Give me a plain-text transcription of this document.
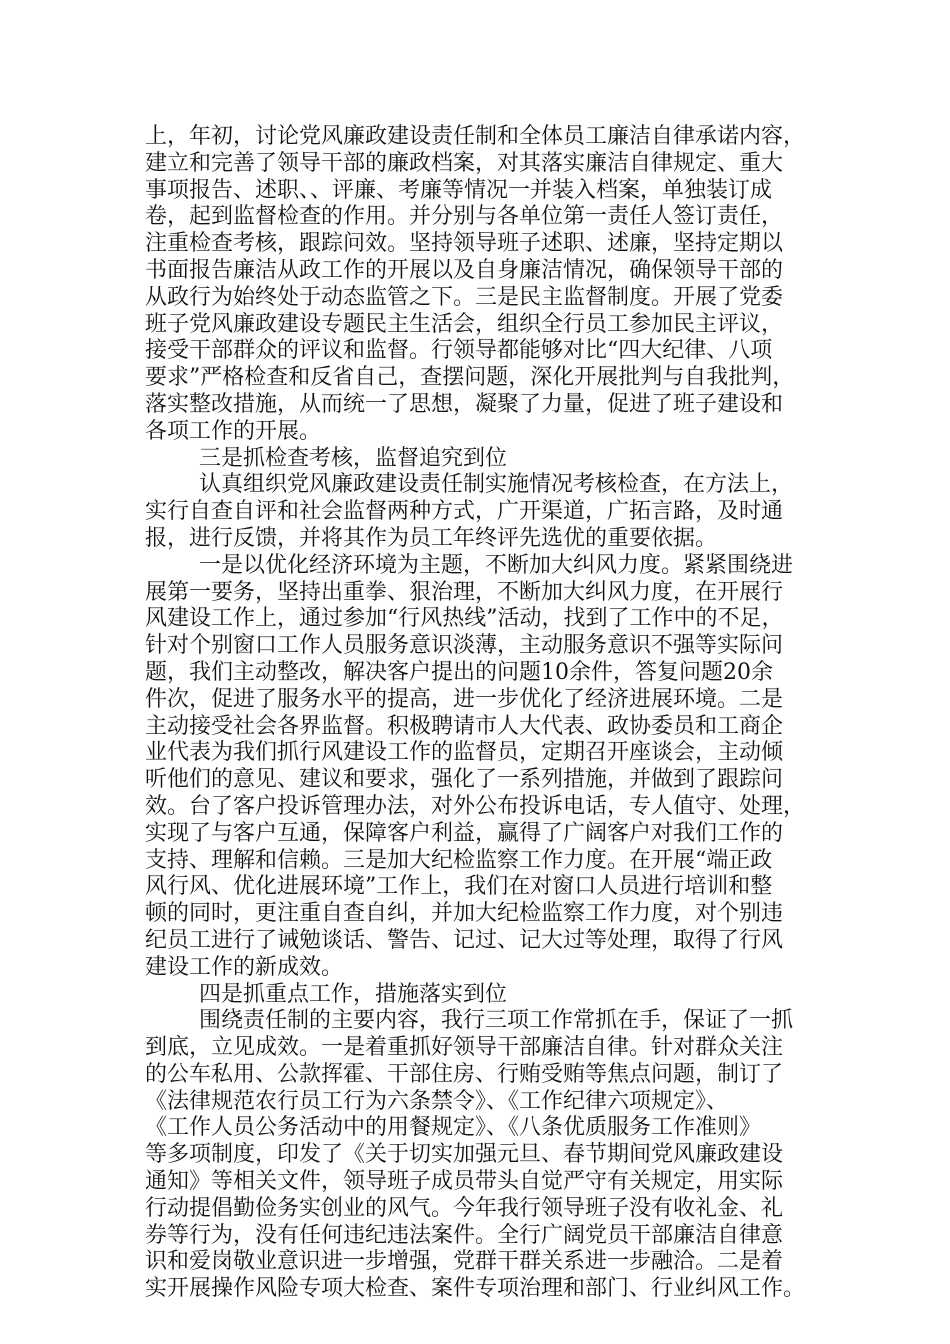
上，年初，讨论党风廉政建设责任制和全体员工廉洁自律承诺内容，
建立和完善了领导干部的廉政档案，对其落实廉洁自律规定、重大
事项报告、述职、、评廉、考廉等情况一并装入档案，单独装订成
卷，起到监督检查的作用。并分别与各单位第一责任人签订责任，
注重检查考核，跟踪问效。坚持领导班子述职、述廉，坚持定期以
书面报告廉洁从政工作的开展以及自身廉洁情况，确保领导干部的
从政行为始终处于动态监管之下。三是民主监督制度。开展了党委
班子党风廉政建设专题民主生活会，组织全行员工参加民主评议，
接受干部群众的评议和监督。行领导都能够对比“四大纪律、八项
要求”严格检查和反省自己，查摆问题，深化开展批判与自我批判，
落实整改措施，从而统一了思想，凝聚了力量，促进了班子建设和
各项工作的开展。
三是抓检查考核，监督追究到位
认真组织党风廉政建设责任制实施情况考核检查，在方法上，
实行自查自评和社会监督两种方式，广开渠道，广拓言路，及时通
报，进行反馈，并将其作为员工年终评先选优的重要依据。
一是以优化经济环境为主题，不断加大纠风力度。紧紧围绕进
展第一要务，坚持出重拳、狠治理，不断加大纠风力度，在开展行
风建设工作上，通过参加“行风热线”活动，找到了工作中的不足，
针对个别窗口工作人员服务意识淡薄，主动服务意识不强等实际问
题，我们主动整改，解决客户提出的问题10余件，答复问题20余
件次，促进了服务水平的提高，进一步优化了经济进展环境。二是
主动接受社会各界监督。积极聘请市人大代表、政协委员和工商企
业代表为我们抓行风建设工作的监督员，定期召开座谈会，主动倾
听他们的意见、建议和要求，强化了一系列措施，并做到了跟踪问
效。台了客户投诉管理办法，对外公布投诉电话，专人值守、处理，
实现了与客户互通，保障客户利益，赢得了广阔客户对我们工作的
支持、理解和信赖。三是加大纪检监察工作力度。在开展“端正政
风行风、优化进展环境”工作上，我们在对窗口人员进行培训和整
顿的同时，更注重自查自纠，并加大纪检监察工作力度，对个别违
纪员工进行了诫勉谈话、警告、记过、记大过等处理，取得了行风
建设工作的新成效。
四是抓重点工作，措施落实到位
围绕责任制的主要内容，我行三项工作常抓在手，保证了一抓
到底，立见成效。一是着重抓好领导干部廉洁自律。针对群众关注
的公车私用、公款挥霍、干部住房、行贿受贿等焦点问题，制订了
《法律规范农行员工行为六条禁令》、《工作纪律六项规定》、
《工作人员公务活动中的用餐规定》、《八条优质服务工作准则》
等多项制度，印发了《关于切实加强元旦、春节期间党风廉政建设
通知》等相关文件，领导班子成员带头自觉严守有关规定，用实际
行动提倡勤俭务实创业的风气。今年我行领导班子没有收礼金、礼
券等行为，没有任何违纪违法案件。全行广阔党员干部廉洁自律意
识和爱岗敬业意识进一步增强，党群干群关系进一步融洽。二是着
实开展操作风险专项大检查、案件专项治理和部门、行业纠风工作。
